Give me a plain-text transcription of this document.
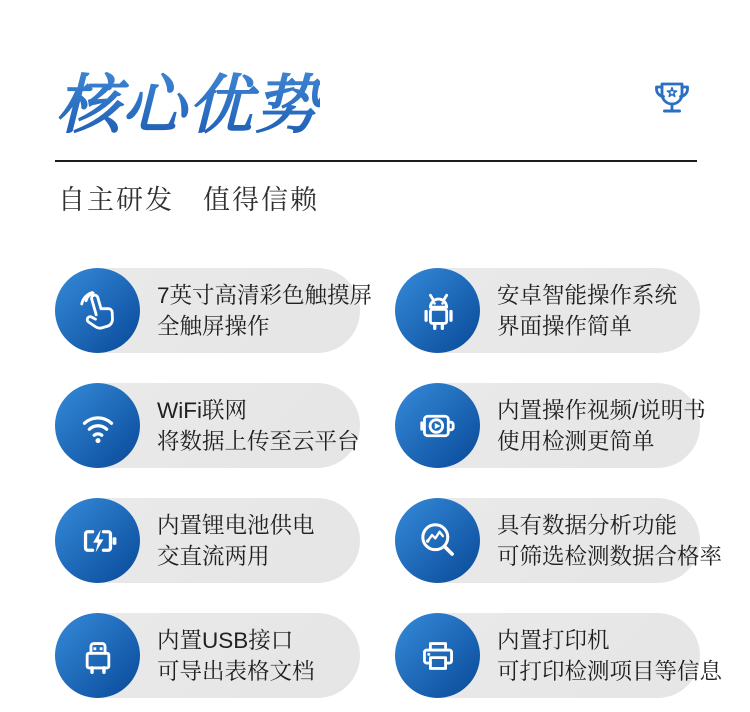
核心优势
自主研发　值得信赖
7英寸高清彩色触摸屏
全触屏操作
安卓智能操作系统
界面操作简单
WiFi联网
将数据上传至云平台
内置操作视频/说明书
使用检测更简单
内置锂电池供电
交直流两用
具有数据分析功能
可筛选检测数据合格率
内置USB接口
可导出表格文档
内置打印机
可打印检测项目等信息
